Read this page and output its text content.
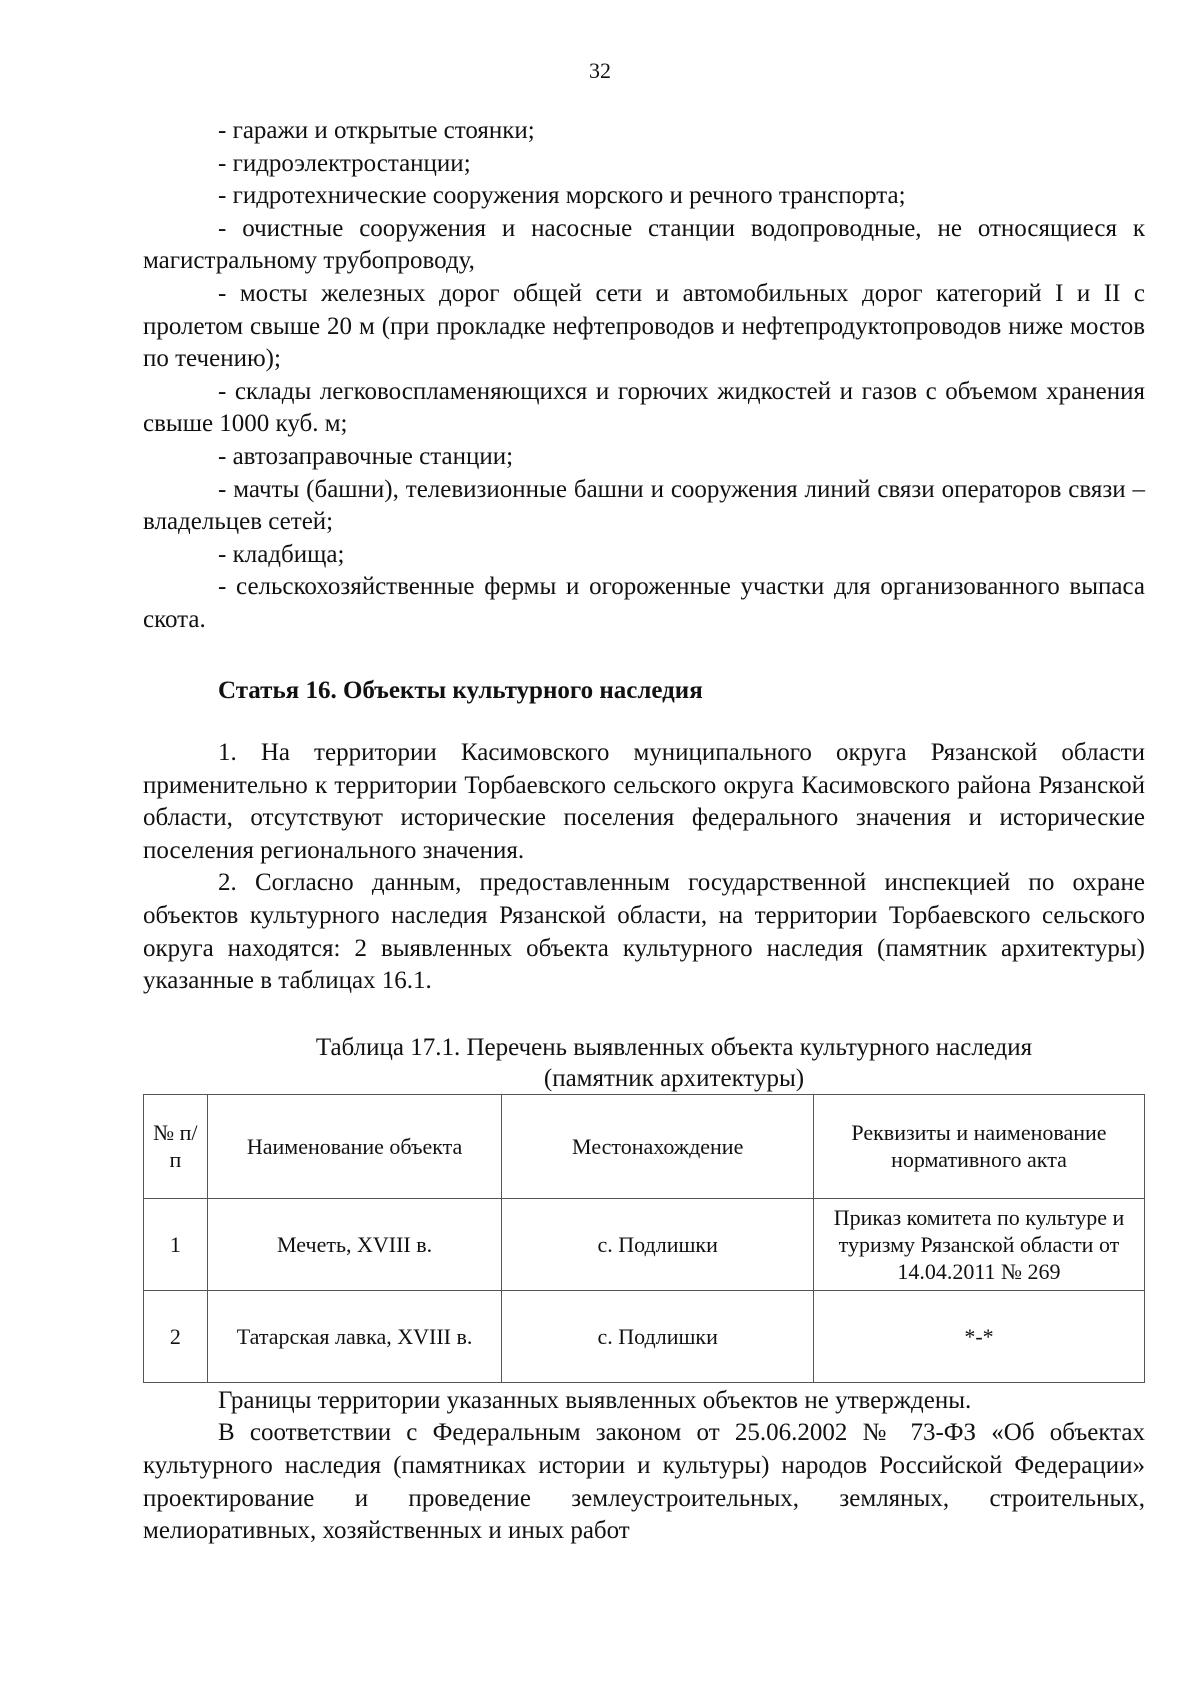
32

- гаражи и открытые стоянки;

- гидроэлектростанции;

- гидротехнические сооружения морского и речного транспорта;

- очистные сооружения и насосные станции водопроводные, не относящиеся к магистральному трубопроводу,

- мосты железных дорог общей сети и автомобильных дорог категорий I и II с пролетом свыше 20 м (при прокладке нефтепроводов и нефтепродуктопроводов ниже мостов по течению);

- склады легковоспламеняющихся и горючих жидкостей и газов с объемом хранения свыше 1000 куб. м;

- автозаправочные станции;

- мачты (башни), телевизионные башни и сооружения линий связи операторов связи – владельцев сетей;

- кладбища;

- сельскохозяйственные фермы и огороженные участки для организованного выпаса скота.

Статья 16. Объекты культурного наследия

1. На территории Касимовского муниципального округа Рязанской области применительно к территории Торбаевского сельского округа Касимовского района Рязанской области, отсутствуют исторические поселения федерального значения и исторические поселения регионального значения.

2. Согласно данным, предоставленным государственной инспекцией по охране объектов культурного наследия Рязанской области, на территории Торбаевского сельского округа находятся: 2 выявленных объекта культурного наследия (памятник архитектуры) указанные в таблицах 16.1.

Таблица 17.1. Перечень выявленных объекта культурного наследия
(памятник архитектуры)
№ п/п	Наименование объекта	Местонахождение	Реквизиты и наименование нормативного акта
1	Мечеть, XVIII в.	с. Подлишки	Приказ комитета по культуре и туризму Рязанской области от 14.04.2011 № 269
2	Татарская лавка, XVIII в.	с. Подлишки	*-*

Границы территории указанных выявленных объектов не утверждены.

В соответствии с Федеральным законом от 25.06.2002 № 73-ФЗ «Об объектах культурного наследия (памятниках истории и культуры) народов Российской Федерации» проектирование и проведение землеустроительных, земляных, строительных, мелиоративных, хозяйственных и иных работ
